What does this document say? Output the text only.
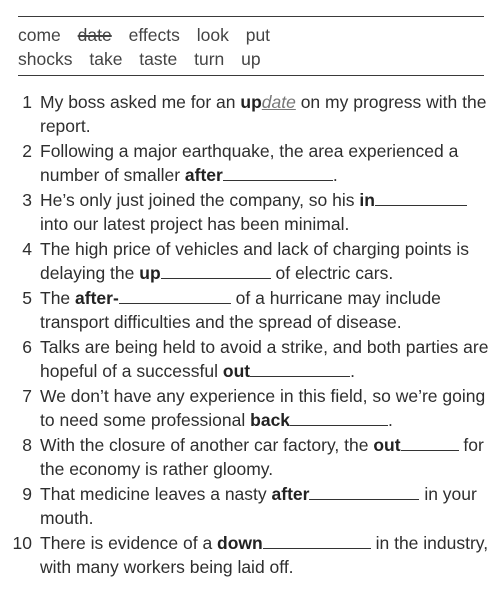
come date effects look put
shocks take taste turn up
1 My boss asked me for an update on my progress with the report.
2 Following a major earthquake, the area experienced a number of smaller after	.
3 He’s only just joined the company, so his in into our latest project has been minimal.
4 The high price of vehicles and lack of charging points is delaying the up	of electric cars.
5 The after-	of a hurricane may include transport difficulties and the spread of disease.
6 Talks are being held to avoid a strike, and both parties are hopeful of a successful out	.
7 We don’t have any experience in this field, so we’re going to need some professional back	.
8 With the closure of another car factory, the out	for the economy is rather gloomy.
9 That medicine leaves a nasty after	in your mouth.
10 There is evidence of a down	in the industry, with many workers being laid off.
